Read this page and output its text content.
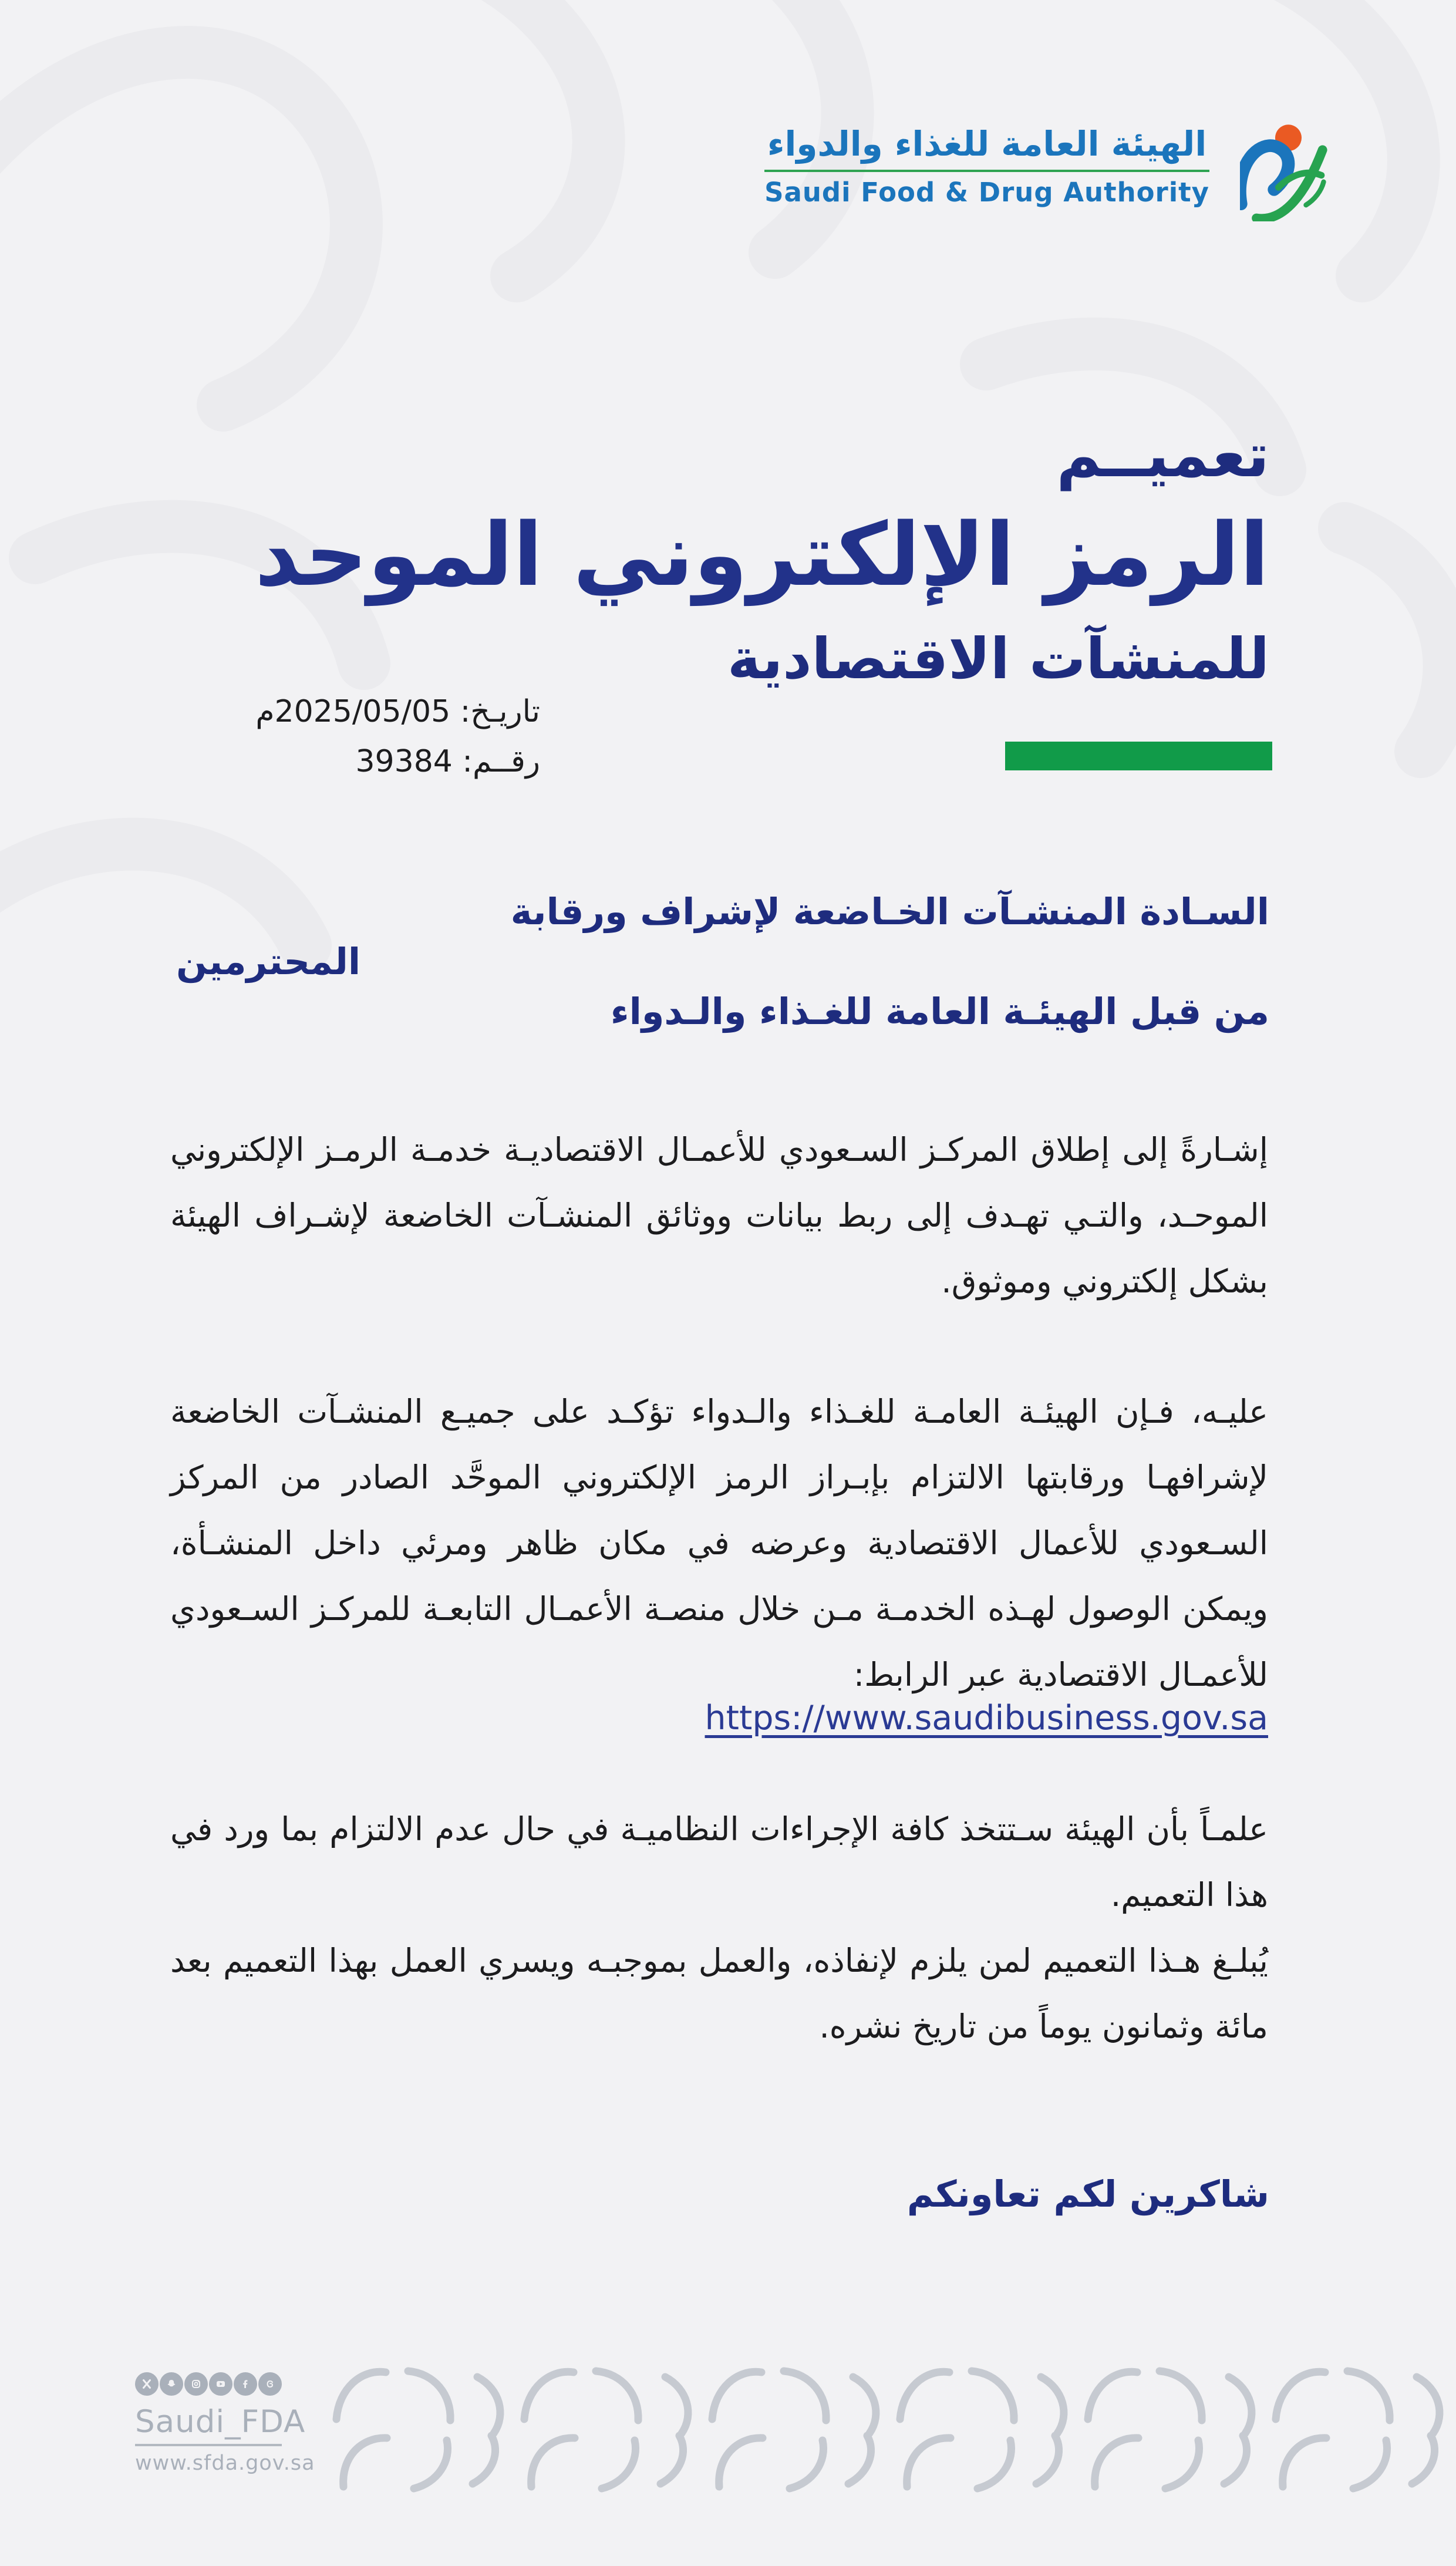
الهيئة العامة للغذاء والدواء
Saudi Food & Drug Authority
تعميــم
الرمز الإلكتروني الموحد
للمنشآت الاقتصادية
تاريـخ: 2025/05/05م
رقــم: 39384
السـادة المنشـآت الخـاضعة لإشراف ورقابة
من قبل الهيئـة العامة للغـذاء والـدواء
المحترمين
إشـارةً إلى إطلاق المركـز السـعودي للأعمـال الاقتصاديـة خدمـة الرمـز الإلكتروني الموحـد، والتـي تهـدف إلى ربط بيانات ووثائق المنشـآت الخاضعة لإشـراف الهيئة بشكل إلكتروني وموثوق.
عليـه، فـإن الهيئـة العامـة للغـذاء والـدواء تؤكـد على جميـع المنشـآت الخاضعة لإشرافهـا ورقابتها الالتزام بإبـراز الرمز الإلكتروني الموحَّد الصادر من المركز السـعودي للأعمال الاقتصادية وعرضه في مكان ظاهر ومرئي داخل المنشـأة، ويمكن الوصول لهـذه الخدمـة مـن خلال منصـة الأعمـال التابعـة للمركـز السـعودي للأعمـال الاقتصادية عبر الرابط:
https://www.saudibusiness.gov.sa

علمـاً بأن الهيئة سـتتخذ كافة الإجراءات النظاميـة في حال عدم الالتزام بما ورد في هذا التعميم.

يُبلـغ هـذا التعميم لمن يلزم لإنفاذه، والعمل بموجبـه ويسري العمل بهذا التعميم بعد مائة وثمانون يوماً من تاريخ نشره.

شاكرين لكم تعاونكم
Saudi_FDA
www.sfda.gov.sa
